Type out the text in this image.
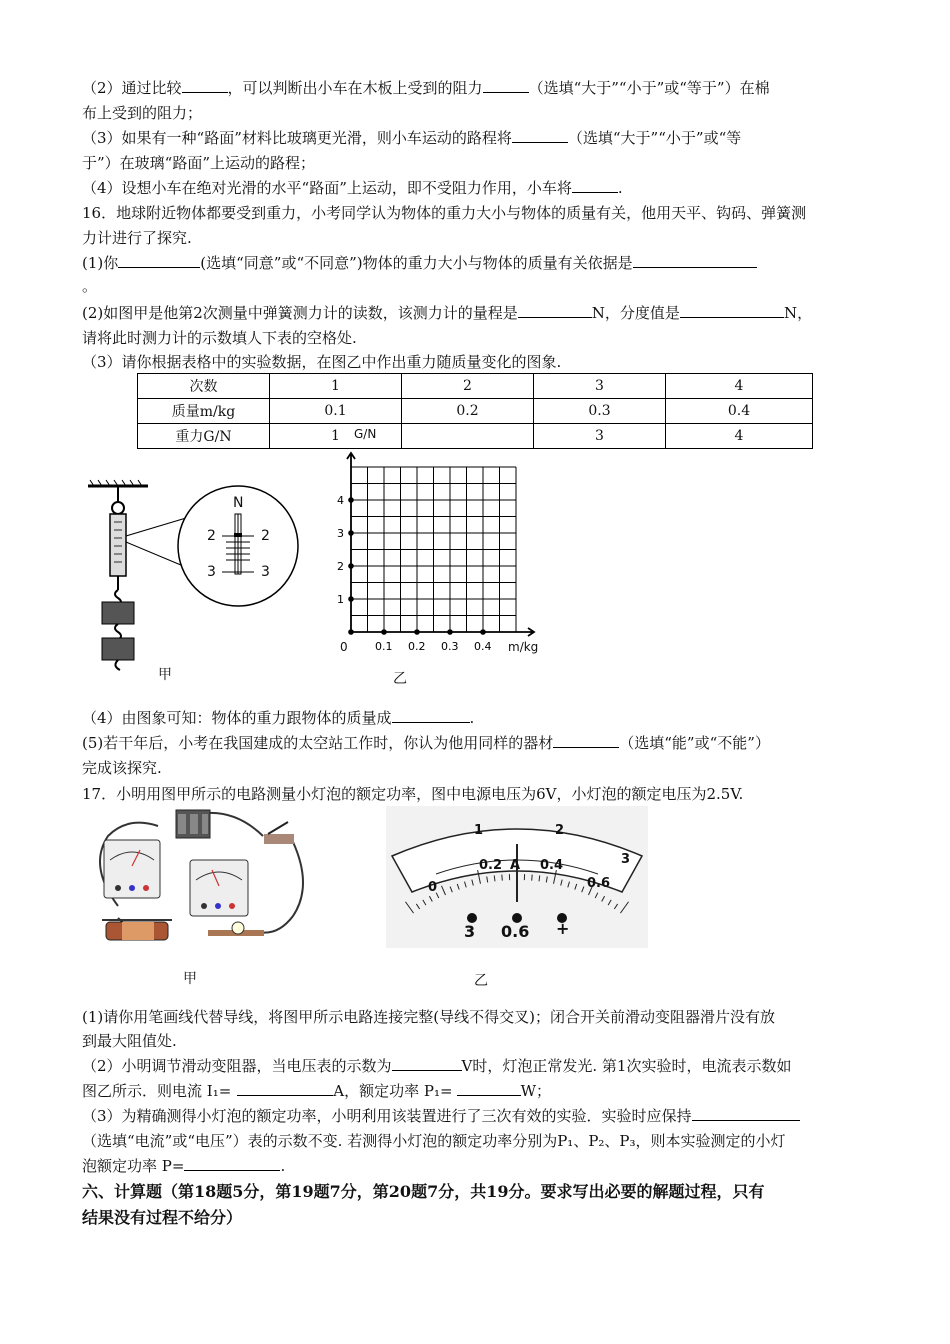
（2）通过比较	，可以判断出小车在木板上受到的阻力	（选填“大于”“小于”或“等于”）在棉
布上受到的阻力；
（3）如果有一种“路面”材料比玻璃更光滑，则小车运动的路程将	（选填“大于”“小于”或“等
于”）在玻璃“路面”上运动的路程；
（4）设想小车在绝对光滑的水平“路面”上运动，即不受阻力作用，小车将	.
16．地球附近物体都要受到重力，小考同学认为物体的重力大小与物体的质量有关，他用天平、钩码、弹簧测
力计进行了探究.
(1)你	(选填“同意”或“不同意”)物体的重力大小与物体的质量有关依据是
。
(2)如图甲是他第2次测量中弹簧测力计的读数，该测力计的量程是	N，分度值是	N，
请将此时测力计的示数填人下表的空格处.
（3）请你根据表格中的实验数据，在图乙中作出重力随质量变化的图象.
次数	1	2	3	4
质量m/kg	0.1	0.2	0.3	0.4
重力G/N	1		3	4
N
2	2
3	3
甲
1
2
3
4
0.1 0.2 0.3 0.4
G/N
m/kg
0
乙
（4）由图象可知：物体的重力跟物体的质量成	.
(5)若干年后，小考在我国建成的太空站工作时，你认为他用同样的器材	（选填“能”或“不能”）
完成该探究.
17．小明用图甲所示的电路测量小灯泡的额定功率，图中电源电压为6V，小灯泡的额定电压为2.5V.
甲
0
1	2
3
0.2	0.4
0.6
A
3 0.6 +
乙
(1)请你用笔画线代替导线，将图甲所示电路连接完整(导线不得交叉)；闭合开关前滑动变阻器滑片没有放
到最大阻值处.
（2）小明调节滑动变阻器，当电压表的示数为	V时，灯泡正常发光. 第1次实验时，电流表示数如
图乙所示．则电流 I₁=	A，额定功率 P₁=	W；
（3）为精确测得小灯泡的额定功率，小明利用该装置进行了三次有效的实验．实验时应保持
（选填“电流”或“电压”）表的示数不变. 若测得小灯泡的额定功率分别为P₁、P₂、P₃，则本实验测定的小灯
泡额定功率 P=	.
六、计算题（第18题5分，第19题7分，第20题7分，共19分。要求写出必要的解题过程，只有
结果没有过程不给分）
